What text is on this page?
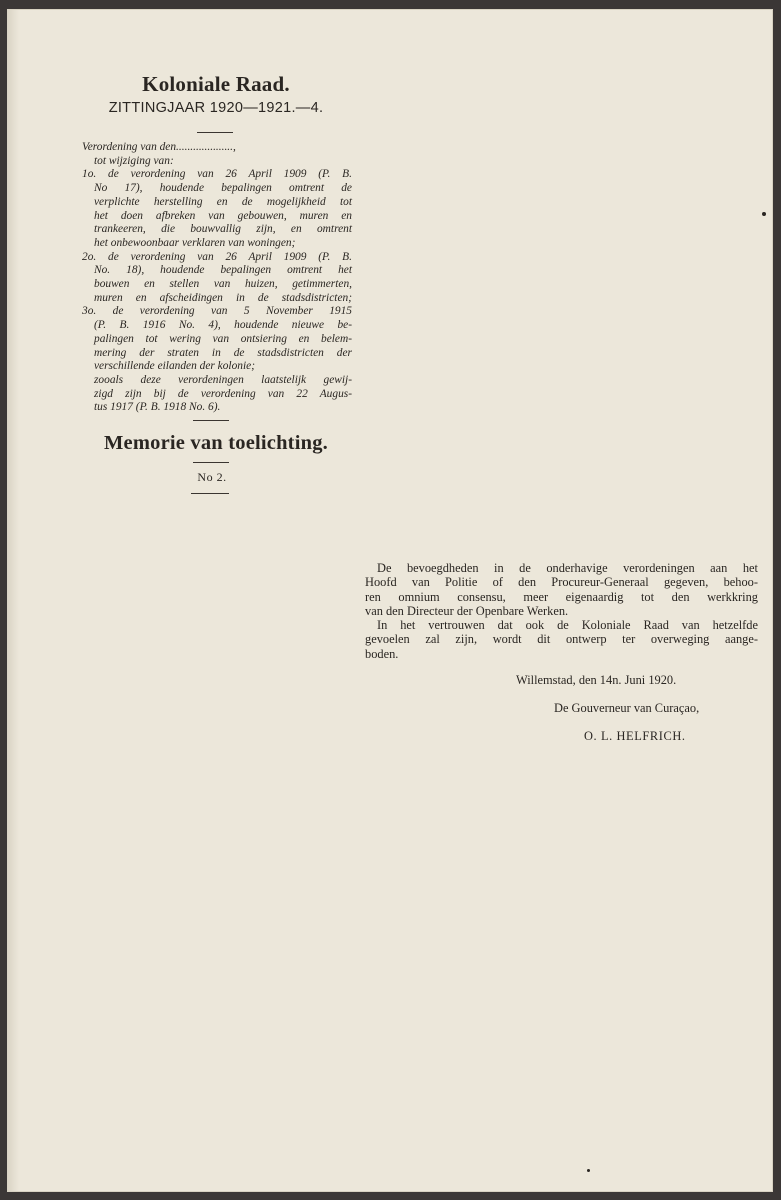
Koloniale Raad.
ZITTINGJAAR 1920—1921.—4.
Verordening van den....................,
tot wijziging van:
1o. de verordening van 26 April 1909 (P. B.
No 17), houdende bepalingen omtrent de
verplichte herstelling en de mogelijkheid tot
het doen afbreken van gebouwen, muren en
trankeeren, die bouwvallig zijn, en omtrent
het onbewoonbaar verklaren van woningen;
2o. de verordening van 26 April 1909 (P. B.
No. 18), houdende bepalingen omtrent het
bouwen en stellen van huizen, getimmerten,
muren en afscheidingen in de stadsdistricten;
3o. de verordening van 5 November 1915
(P. B. 1916 No. 4), houdende nieuwe be-
palingen tot wering van ontsiering en belem-
mering der straten in de stadsdistricten der
verschillende eilanden der kolonie;
zooals deze verordeningen laatstelijk gewij-
zigd zijn bij de verordening van 22 Augus-
tus 1917 (P. B. 1918 No. 6).
Memorie van toelichting.
No 2.
De bevoegdheden in de onderhavige verordeningen aan het
Hoofd van Politie of den Procureur-Generaal gegeven, behoo-
ren omnium consensu, meer eigenaardig tot den werkkring
van den Directeur der Openbare Werken.
In het vertrouwen dat ook de Koloniale Raad van hetzelfde
gevoelen zal zijn, wordt dit ontwerp ter overweging aange-
boden.
Willemstad, den 14n. Juni 1920.
De Gouverneur van Curaçao,
O. L. HELFRICH.
